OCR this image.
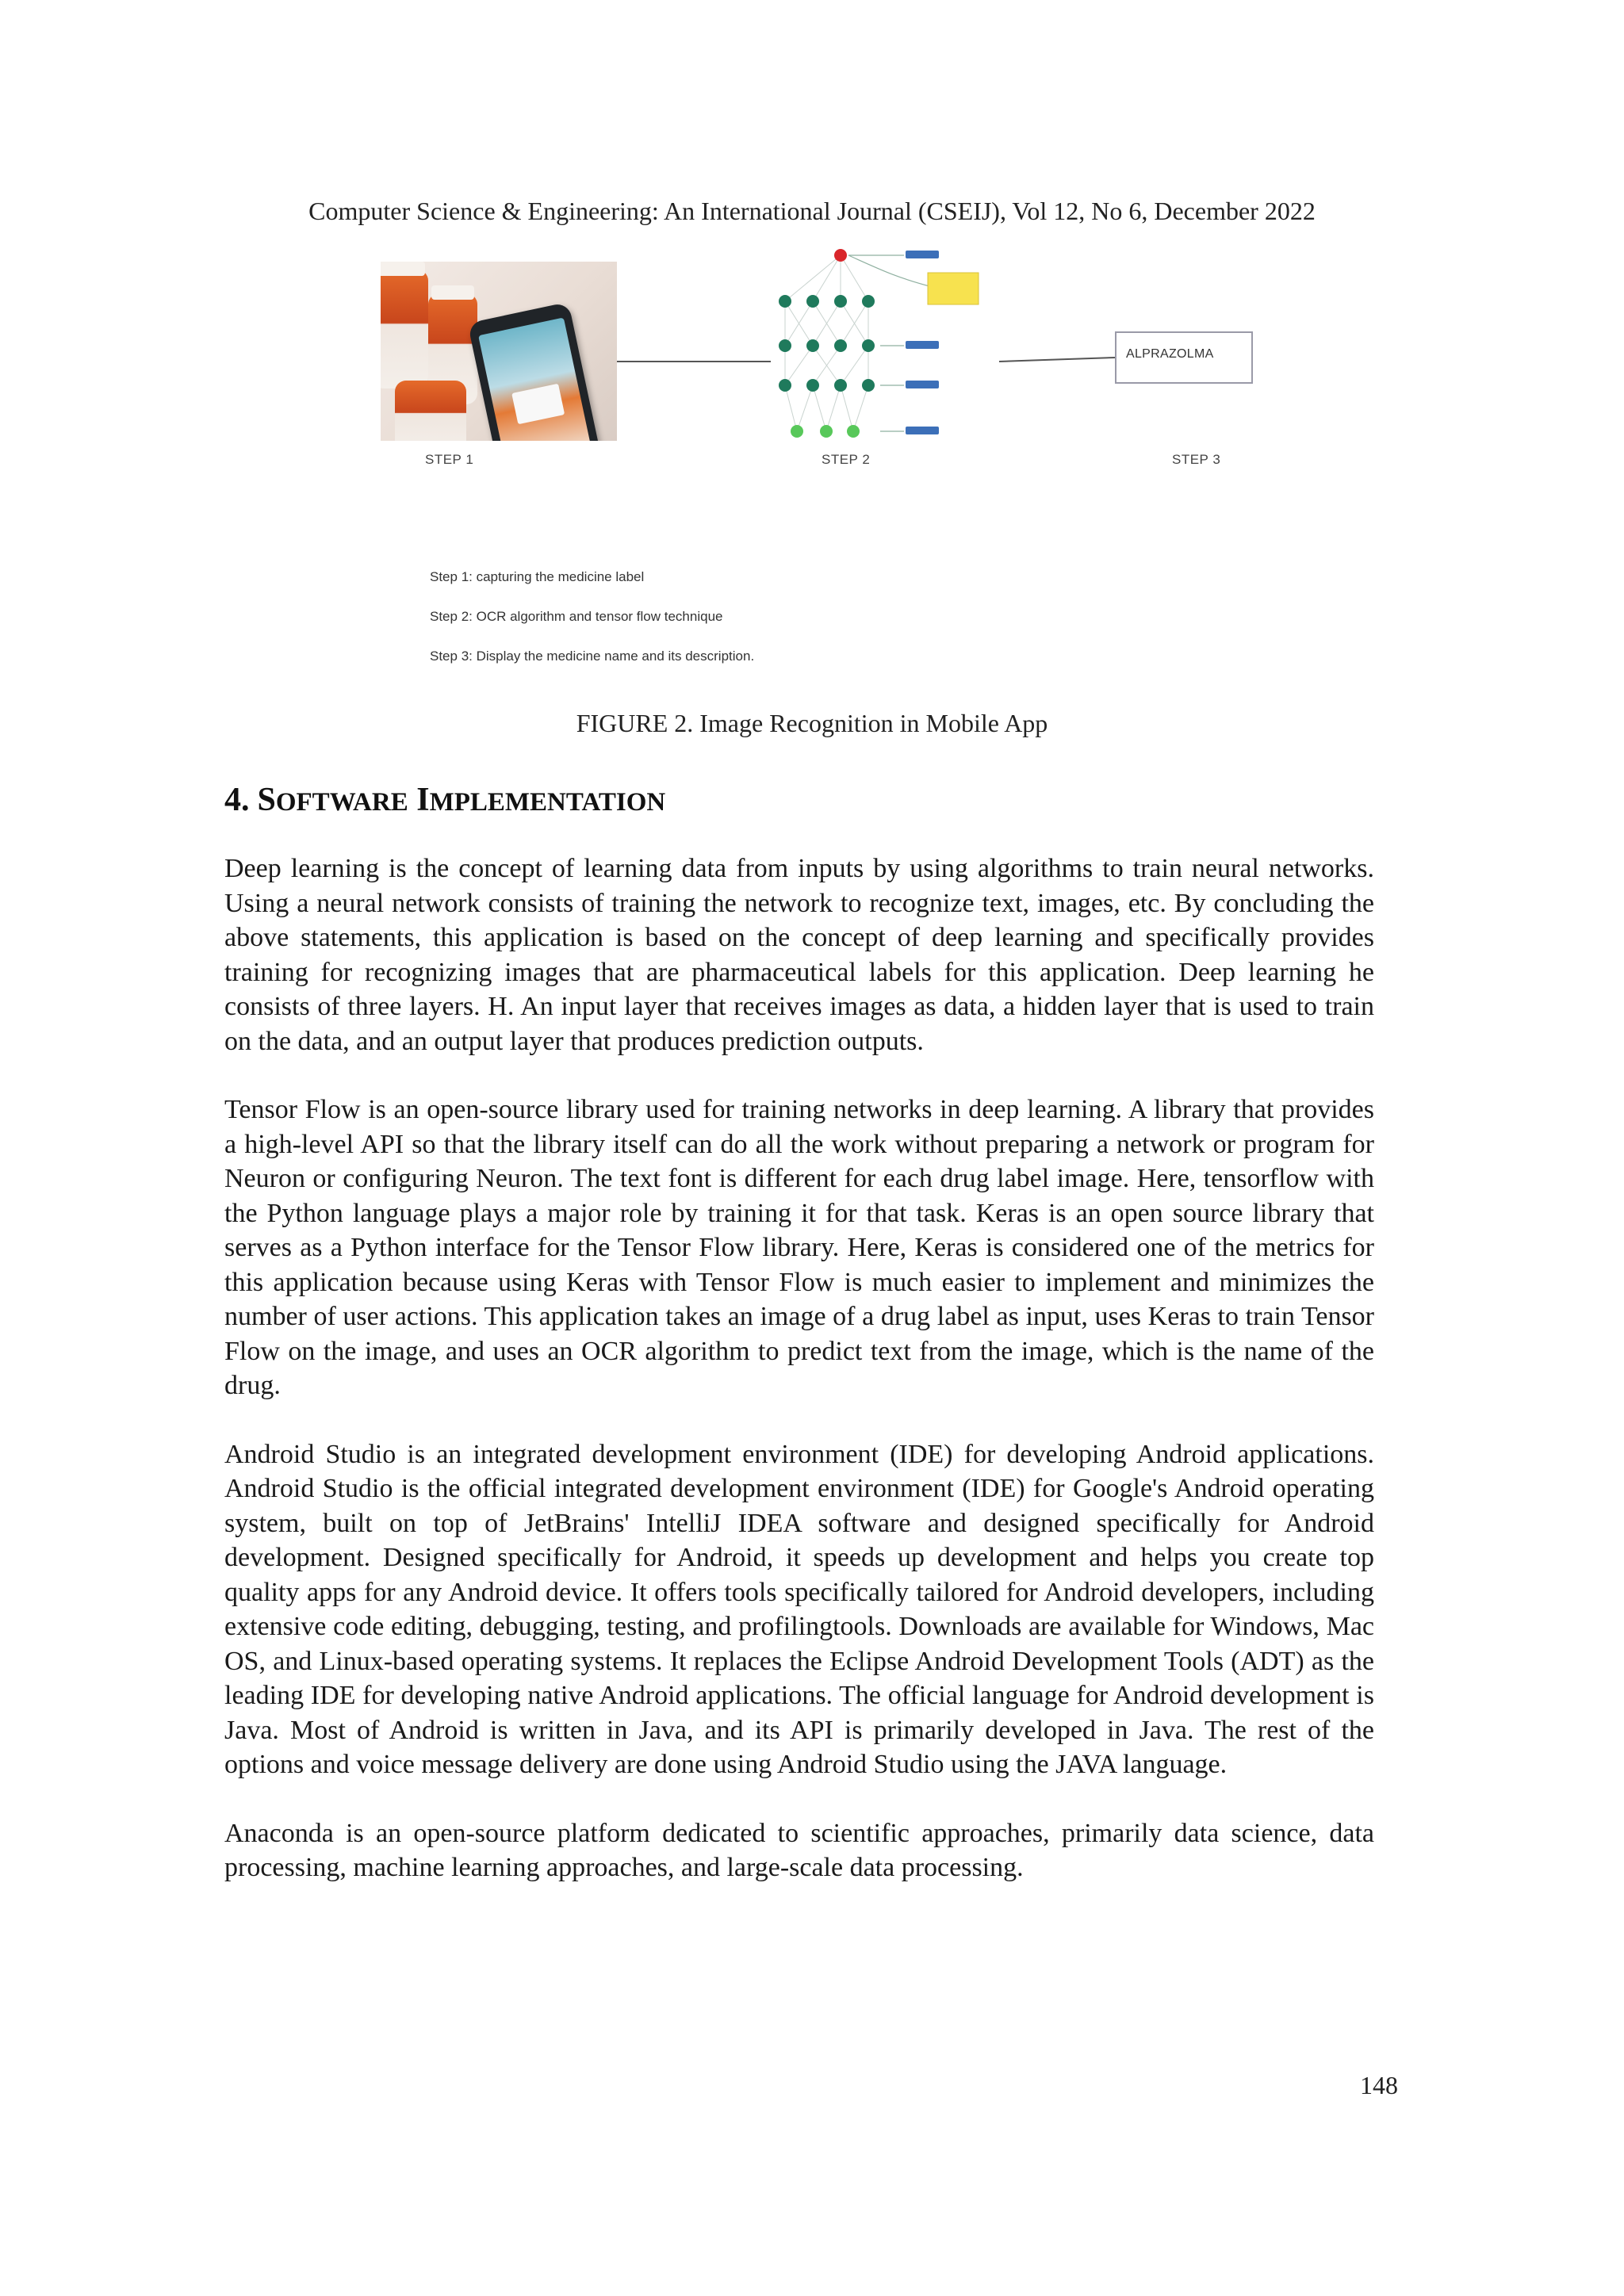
Computer Science & Engineering: An International Journal (CSEIJ), Vol 12, No 6, December 2022
STEP 1	STEP 2	STEP 3
ALPRAZOLMA
Step 1: capturing the medicine label
Step 2: OCR algorithm and tensor flow technique
Step 3: Display the medicine name and its description.
FIGURE 2. Image Recognition in Mobile App
4. SOFTWARE IMPLEMENTATION

Deep learning is the concept of learning data from inputs by using algorithms to train neural networks. Using a neural network consists of training the network to recognize text, images, etc. By concluding the above statements, this application is based on the concept of deep learning and specifically provides training for recognizing images that are pharmaceutical labels for this application. Deep learning he consists of three layers. H. An input layer that receives images as data, a hidden layer that is used to train on the data, and an output layer that produces prediction outputs.

Tensor Flow is an open-source library used for training networks in deep learning. A library that provides a high-level API so that the library itself can do all the work without preparing a network or program for Neuron or configuring Neuron. The text font is different for each drug label image. Here, tensorflow with the Python language plays a major role by training it for that task. Keras is an open source library that serves as a Python interface for the Tensor Flow library. Here, Keras is considered one of the metrics for this application because using Keras with Tensor Flow is much easier to implement and minimizes the number of user actions. This application takes an image of a drug label as input, uses Keras to train Tensor Flow on the image, and uses an OCR algorithm to predict text from the image, which is the name of the drug.

Android Studio is an integrated development environment (IDE) for developing Android applications. Android Studio is the official integrated development environment (IDE) for Google's Android operating system, built on top of JetBrains' IntelliJ IDEA software and designed specifically for Android development. Designed specifically for Android, it speeds up development and helps you create top quality apps for any Android device. It offers tools specifically tailored for Android developers, including extensive code editing, debugging, testing, and profilingtools. Downloads are available for Windows, Mac OS, and Linux-based operating systems. It replaces the Eclipse Android Development Tools (ADT) as the leading IDE for developing native Android applications. The official language for Android development is Java. Most of Android is written in Java, and its API is primarily developed in Java. The rest of the options and voice message delivery are done using Android Studio using the JAVA language.

Anaconda is an open-source platform dedicated to scientific approaches, primarily data science, data processing, machine learning approaches, and large-scale data processing.

148
